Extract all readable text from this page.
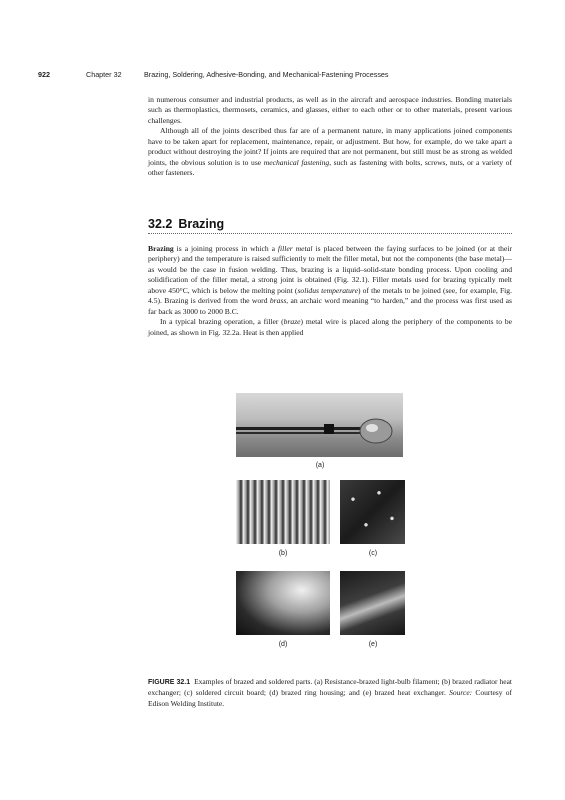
922	Chapter 32	Brazing, Soldering, Adhesive-Bonding, and Mechanical-Fastening Processes

in numerous consumer and industrial products, as well as in the aircraft and aerospace industries. Bonding materials such as thermoplastics, thermosets, ceramics, and glasses, either to each other or to other materials, present various challenges.

Although all of the joints described thus far are of a permanent nature, in many applications joined components have to be taken apart for replacement, maintenance, repair, or adjustment. But how, for example, do we take apart a product without destroying the joint? If joints are required that are not permanent, but still must be as strong as welded joints, the obvious solution is to use mechanical fastening, such as fastening with bolts, screws, nuts, or a variety of other fasteners.

32.2 Brazing

Brazing is a joining process in which a filler metal is placed between the faying surfaces to be joined (or at their periphery) and the temperature is raised sufficiently to melt the filler metal, but not the components (the base metal)—as would be the case in fusion welding. Thus, brazing is a liquid–solid-state bonding process. Upon cooling and solidification of the filler metal, a strong joint is obtained (Fig. 32.1). Filler metals used for brazing typically melt above 450°C, which is below the melting point (solidus temperature) of the metals to be joined (see, for example, Fig. 4.5). Brazing is derived from the word brass, an archaic word meaning “to harden,” and the process was first used as far back as 3000 to 2000 B.C.

In a typical brazing operation, a filler (braze) metal wire is placed along the periphery of the components to be joined, as shown in Fig. 32.2a. Heat is then applied

(a)
(b)	(c)
(d)	(e)
FIGURE 32.1 Examples of brazed and soldered parts. (a) Resistance-brazed light-bulb filament; (b) brazed radiator heat exchanger; (c) soldered circuit board; (d) brazed ring housing; and (e) brazed heat exchanger. Source: Courtesy of Edison Welding Institute.
